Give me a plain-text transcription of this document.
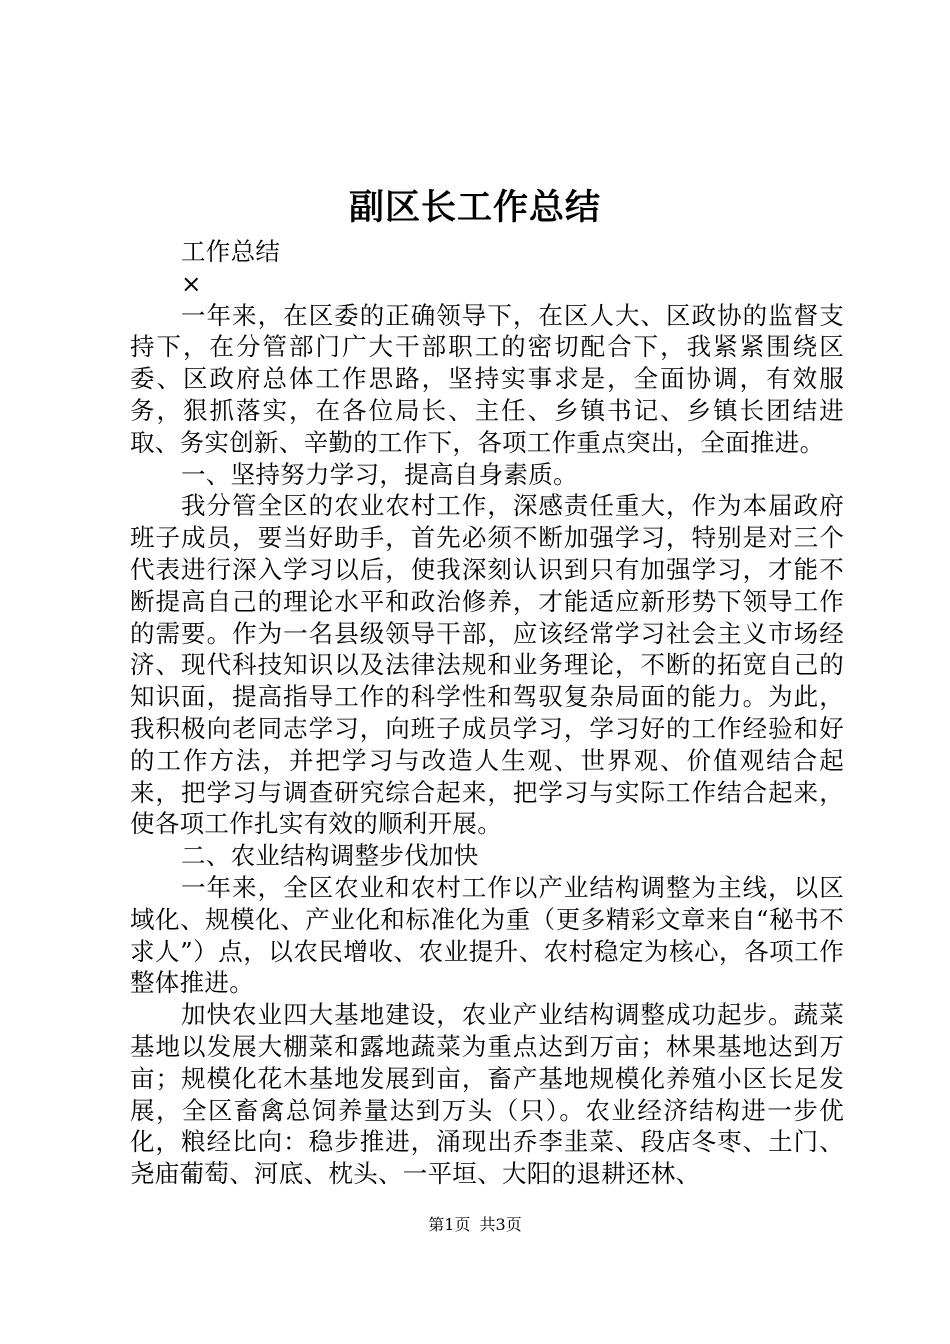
副区长工作总结

工作总结

×

一年来，在区委的正确领导下，在区人大、区政协的监督支持下，在分管部门广大干部职工的密切配合下，我紧紧围绕区委、区政府总体工作思路，坚持实事求是，全面协调，有效服务，狠抓落实，在各位局长、主任、乡镇书记、乡镇长团结进取、务实创新、辛勤的工作下，各项工作重点突出，全面推进。

一、坚持努力学习，提高自身素质。

我分管全区的农业农村工作，深感责任重大，作为本届政府班子成员，要当好助手，首先必须不断加强学习，特别是对三个代表进行深入学习以后，使我深刻认识到只有加强学习，才能不断提高自己的理论水平和政治修养，才能适应新形势下领导工作的需要。作为一名县级领导干部，应该经常学习社会主义市场经济、现代科技知识以及法律法规和业务理论，不断的拓宽自己的知识面，提高指导工作的科学性和驾驭复杂局面的能力。为此，我积极向老同志学习，向班子成员学习，学习好的工作经验和好的工作方法，并把学习与改造人生观、世界观、价值观结合起来，把学习与调查研究综合起来，把学习与实际工作结合起来，使各项工作扎实有效的顺利开展。

二、农业结构调整步伐加快

一年来，全区农业和农村工作以产业结构调整为主线，以区域化、规模化、产业化和标准化为重（更多精彩文章来自“秘书不求人”）点，以农民增收、农业提升、农村稳定为核心，各项工作整体推进。

加快农业四大基地建设，农业产业结构调整成功起步。蔬菜基地以发展大棚菜和露地蔬菜为重点达到万亩；林果基地达到万亩；规模化花木基地发展到亩，畜产基地规模化养殖小区长足发展，全区畜禽总饲养量达到万头（只）。农业经济结构进一步优化，粮经比向：稳步推进，涌现出乔李韭菜、段店冬枣、土门、尧庙葡萄、河底、枕头、一平垣、大阳的退耕还林、

第1页 共3页
